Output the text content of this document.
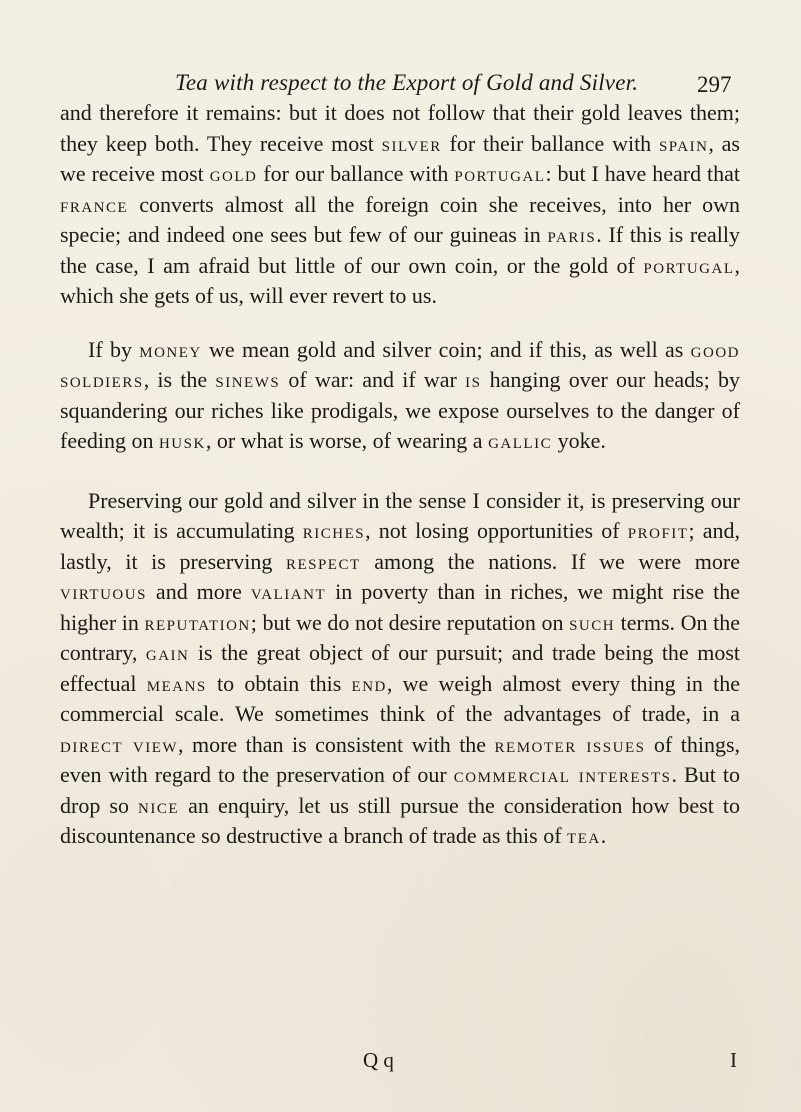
Tea with respect to the Export of Gold and Silver.	297

and therefore it remains: but it does not follow that their gold leaves them; they keep both. They receive most silver for their ballance with spain, as we receive most gold for our ballance with portugal: but I have heard that france converts almost all the foreign coin she receives, into her own specie; and indeed one sees but few of our guineas in paris. If this is really the case, I am afraid but little of our own coin, or the gold of portugal, which she gets of us, will ever revert to us.

If by money we mean gold and silver coin; and if this, as well as good soldiers, is the sinews of war: and if war is hanging over our heads; by squandering our riches like prodigals, we expose ourselves to the danger of feeding on husk, or what is worse, of wearing a gallic yoke.

Preserving our gold and silver in the sense I consider it, is preserving our wealth; it is accumulating riches, not losing opportunities of profit; and, lastly, it is preserving respect among the nations. If we were more virtuous and more valiant in poverty than in riches, we might rise the higher in reputation; but we do not desire reputation on such terms. On the contrary, gain is the great object of our pursuit; and trade being the most effectual means to obtain this end, we weigh almost every thing in the commercial scale. We sometimes think of the advantages of trade, in a direct view, more than is consistent with the remoter issues of things, even with regard to the preservation of our commercial interests. But to drop so nice an enquiry, let us still pursue the consideration how best to discountenance so destructive a branch of trade as this of tea.

Q q	I
